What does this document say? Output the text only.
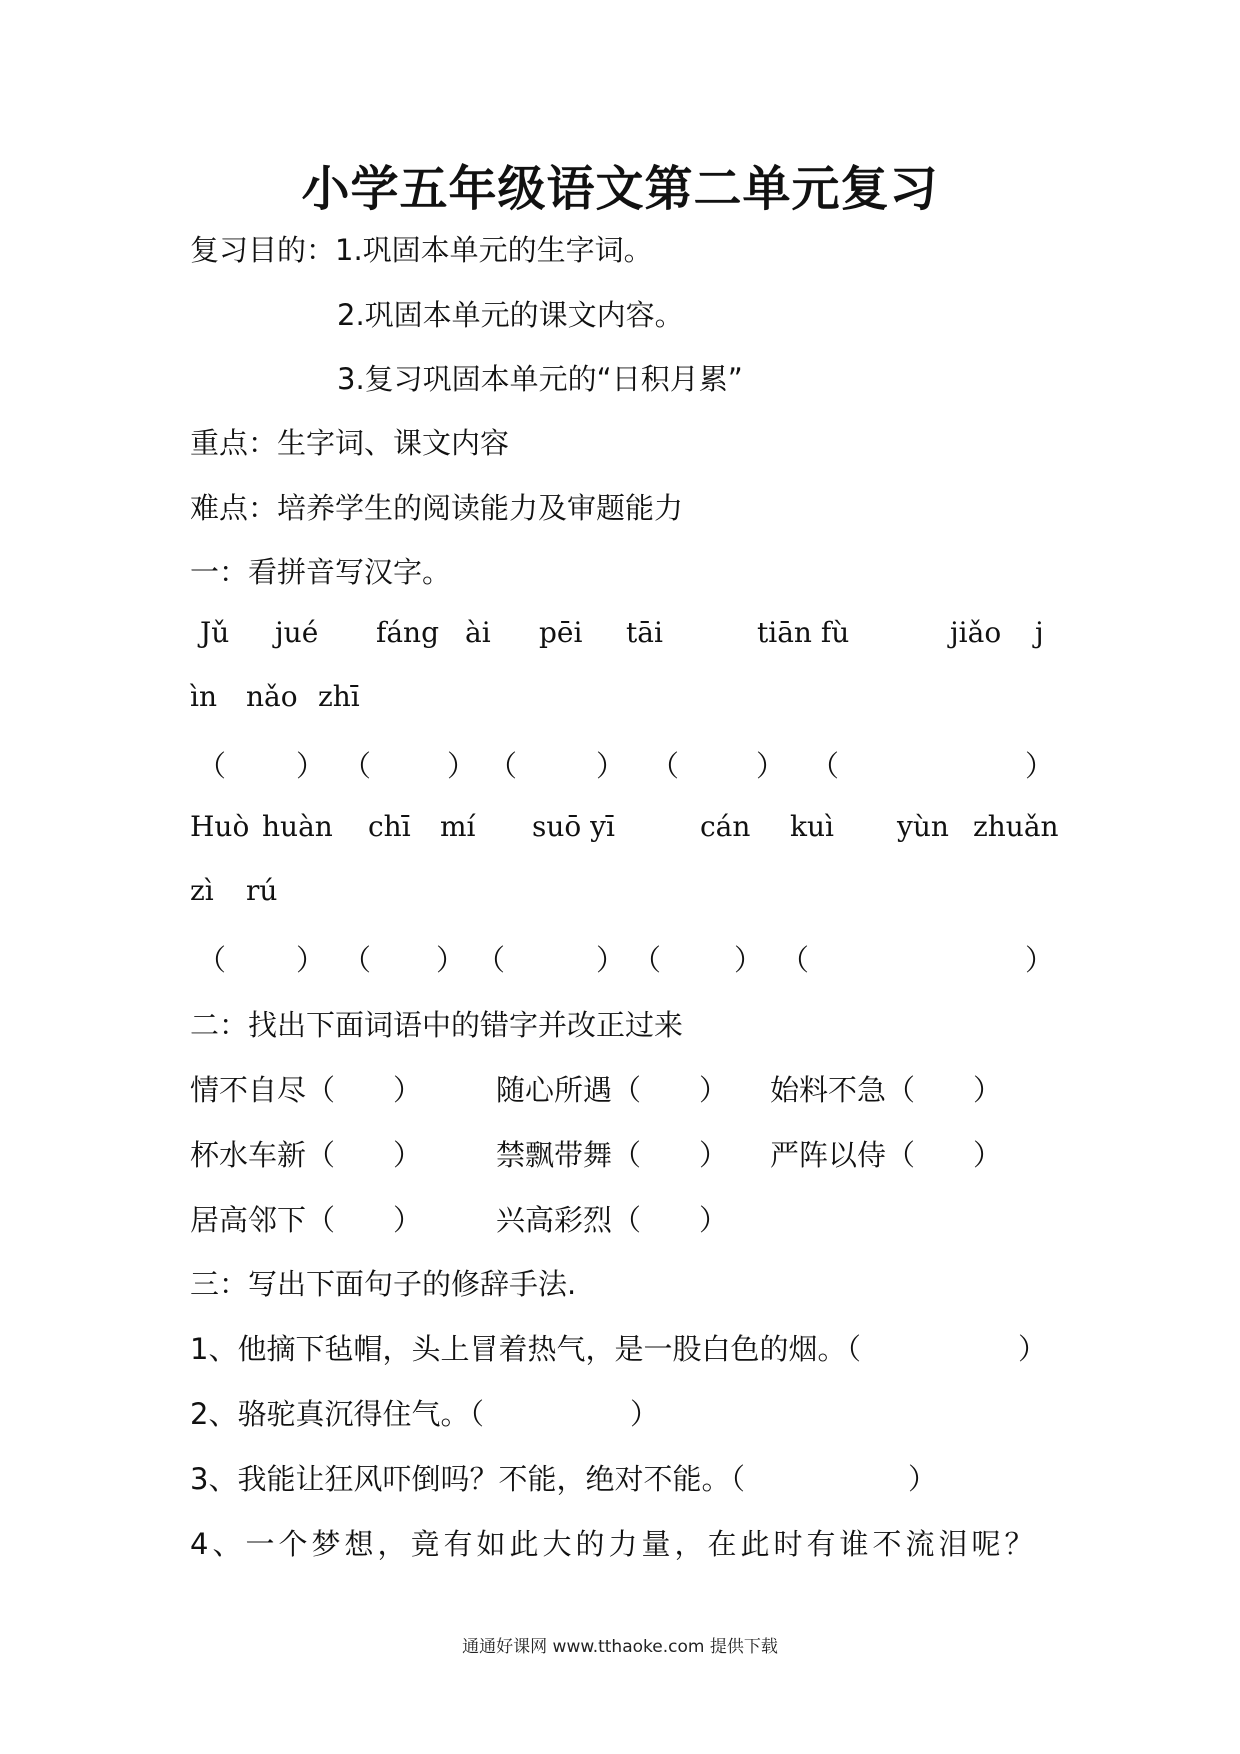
小学五年级语文第二单元复习
复习目的：1.巩固本单元的生字词。
2.巩固本单元的课文内容。
3.复习巩固本单元的“日积月累”
重点：生字词、课文内容
难点：培养学生的阅读能力及审题能力
一：看拼音写汉字。
Jǔ jué fáng ài pēi tāi	tiān fù	jiǎo j
ìn nǎo zhī
（ ） （	） （	） （	） （	）
Huò huàn chī mí suō yī	cán kuì yùn zhuǎn
zì rú
（ ） （ ） （	） （	） （	）
二：找出下面词语中的错字并改正过来
情不自尽（　　）	随心所遇（　　） 始料不急（　　）
杯水车新（　　）	禁飘带舞（　　） 严阵以侍（　　）
居高邻下（　　）	兴高彩烈（　　）
三：写出下面句子的修辞手法.
1、他摘下毡帽，头上冒着热气，是一股白色的烟。（	）
2、骆驼真沉得住气。（	）
3、我能让狂风吓倒吗？不能，绝对不能。（	）
4、一个梦想，竟有如此大的力量，在此时有谁不流泪呢？
通通好课网 www.tthaoke.com 提供下载
